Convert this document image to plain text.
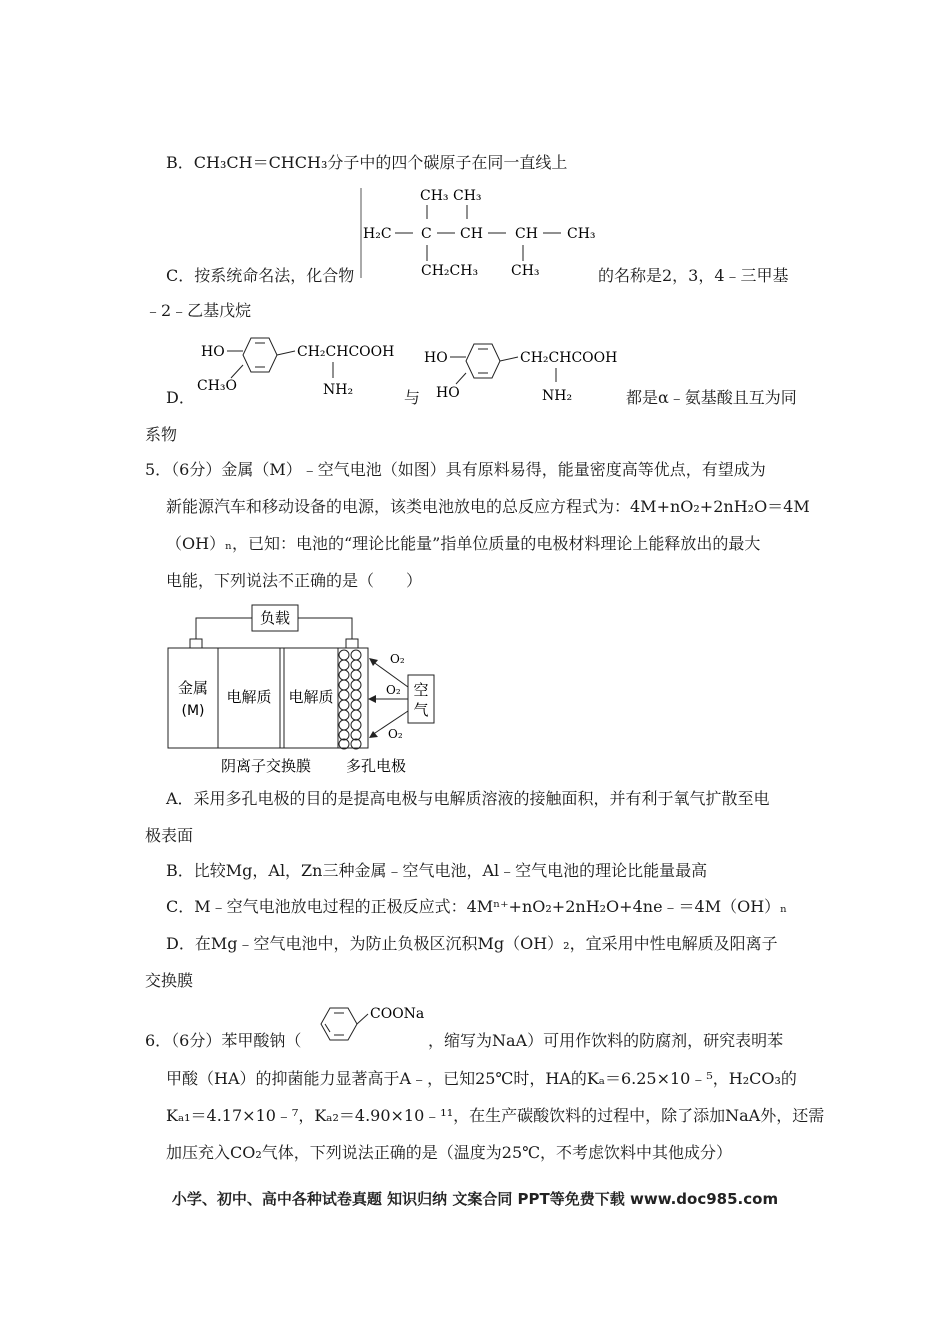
B．CH₃CH＝CHCH₃分子中的四个碳原子在同一直线上
CH₃ CH₃
H₂C C CH CH CH₃
CH₂CH₃ CH₃
C．按系统命名法，化合物	的名称是2，3，4﹣三甲基
﹣2﹣乙基戊烷
HO	CH₂CHCOOH
NH₂
CH₃O
HO	CH₂CHCOOH
NH₂
HO
D．	与	都是α﹣氨基酸且互为同
系物
5．（6分）金属（M）﹣空气电池（如图）具有原料易得，能量密度高等优点，有望成为
新能源汽车和移动设备的电源，该类电池放电的总反应方程式为：4M+nO₂+2nH₂O＝4M
（OH）ₙ，已知：电池的“理论比能量”指单位质量的电极材料理论上能释放出的最大
电能，下列说法不正确的是（　　）
负载
金属
(M)
电解质 电解质	空
气
O₂
O₂
O₂
阴离子交换膜 多孔电极
A．采用多孔电极的目的是提高电极与电解质溶液的接触面积，并有利于氧气扩散至电
极表面
B．比较Mg，Al，Zn三种金属﹣空气电池，Al﹣空气电池的理论比能量最高
C．M﹣空气电池放电过程的正极反应式：4Mⁿ⁺+nO₂+2nH₂O+4ne﹣＝4M（OH）ₙ
D．在Mg﹣空气电池中，为防止负极区沉积Mg（OH）₂，宜采用中性电解质及阳离子
交换膜
COONa
6．（6分）苯甲酸钠（	，缩写为NaA）可用作饮料的防腐剂，研究表明苯
甲酸（HA）的抑菌能力显著高于A﹣，已知25℃时，HA的Kₐ＝6.25×10﹣⁵，H₂CO₃的
Kₐ₁＝4.17×10﹣⁷，Kₐ₂＝4.90×10﹣¹¹，在生产碳酸饮料的过程中，除了添加NaA外，还需
加压充入CO₂气体，下列说法正确的是（温度为25℃，不考虑饮料中其他成分）
小学、初中、高中各种试卷真题 知识归纳 文案合同 PPT等免费下载 www.doc985.com
